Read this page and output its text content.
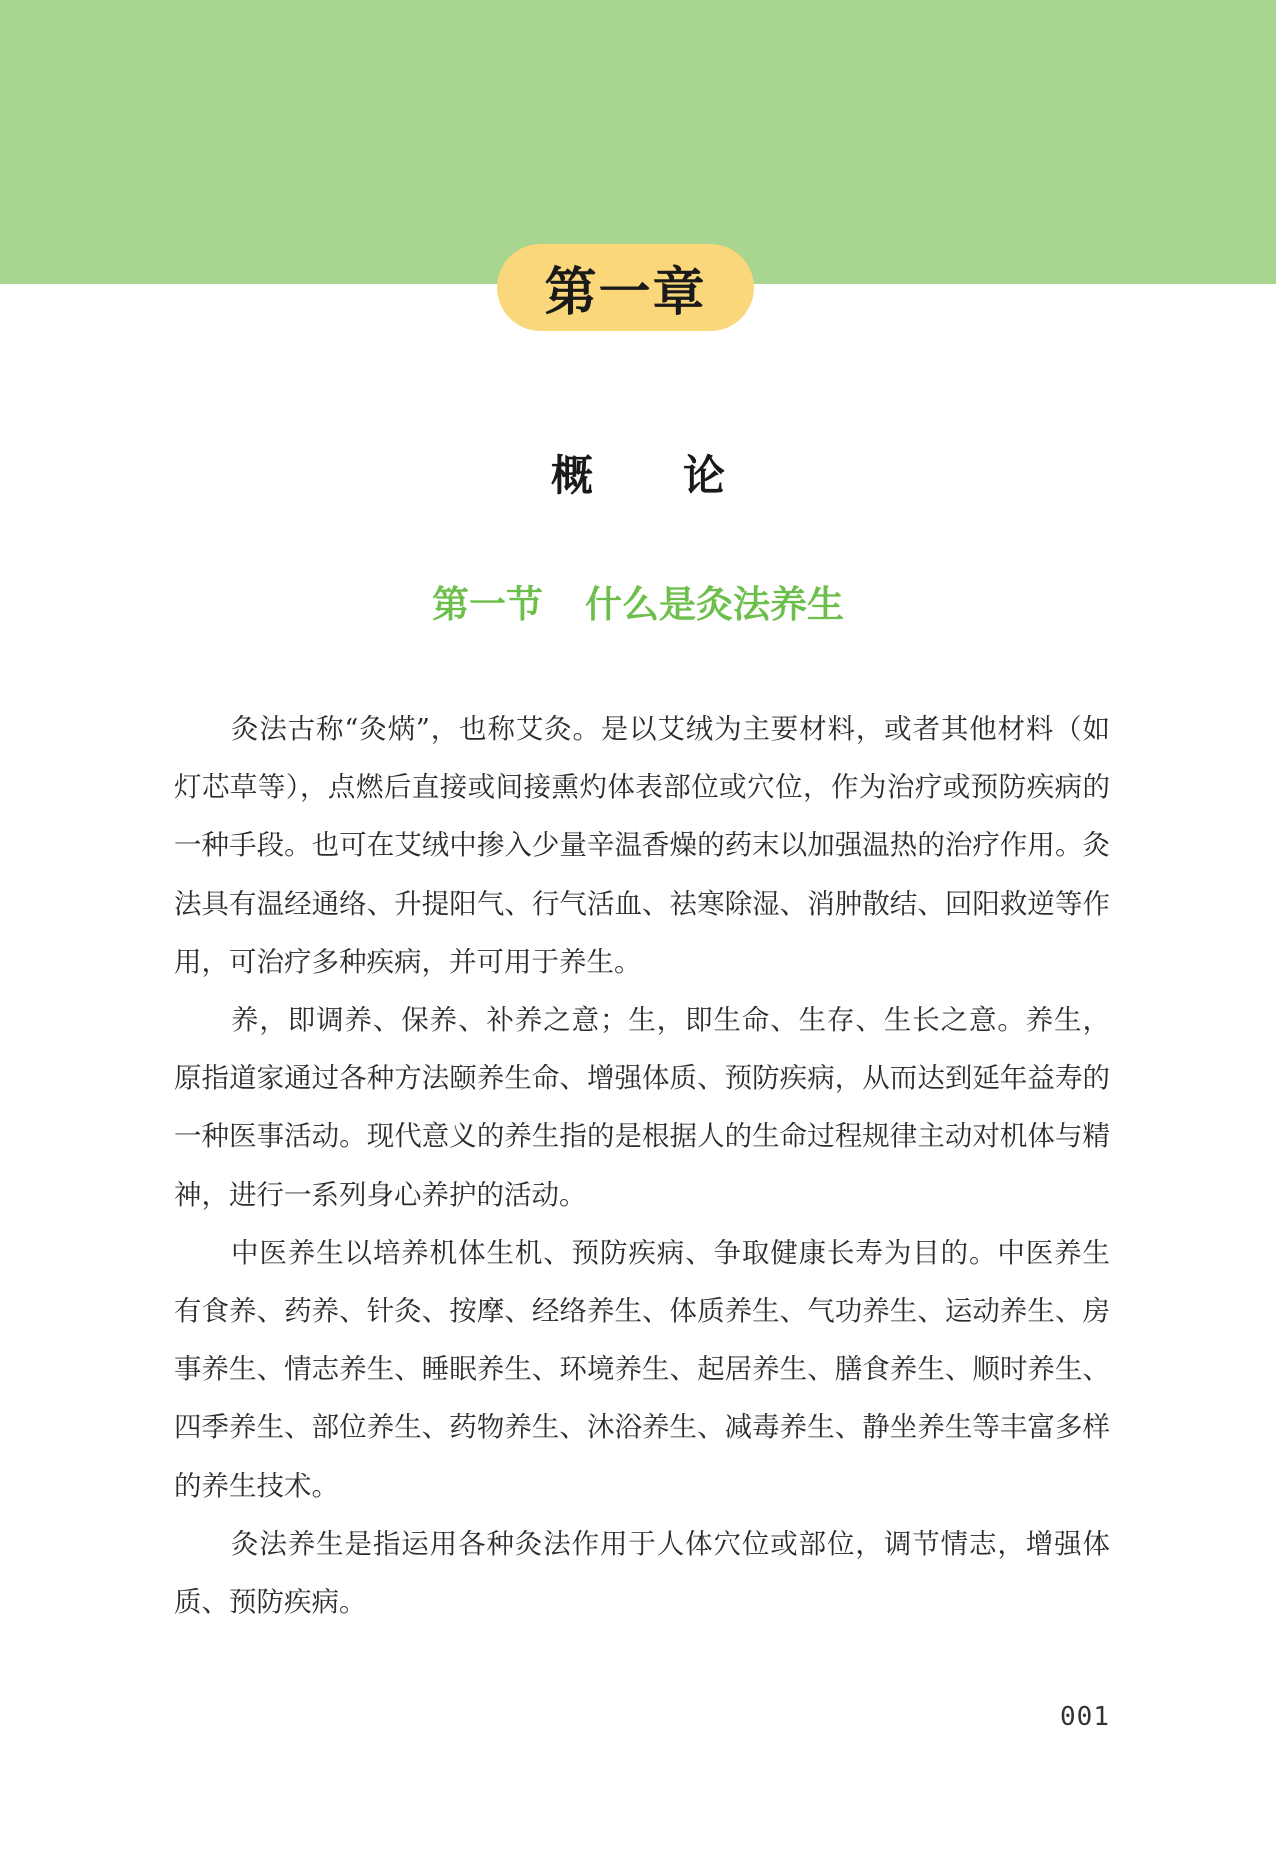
第一章
概 论
第一节 什么是灸法养生

灸法古称“灸焫”，也称艾灸。是以艾绒为主要材料，或者其他材料（如灯芯草等），点燃后直接或间接熏灼体表部位或穴位，作为治疗或预防疾病的一种手段。也可在艾绒中掺入少量辛温香燥的药末以加强温热的治疗作用。灸法具有温经通络、升提阳气、行气活血、祛寒除湿、消肿散结、回阳救逆等作用，可治疗多种疾病，并可用于养生。

养，即调养、保养、补养之意；生，即生命、生存、生长之意。养生，原指道家通过各种方法颐养生命、增强体质、预防疾病，从而达到延年益寿的一种医事活动。现代意义的养生指的是根据人的生命过程规律主动对机体与精神，进行一系列身心养护的活动。

中医养生以培养机体生机、预防疾病、争取健康长寿为目的。中医养生有食养、药养、针灸、按摩、经络养生、体质养生、气功养生、运动养生、房事养生、情志养生、睡眠养生、环境养生、起居养生、膳食养生、顺时养生、四季养生、部位养生、药物养生、沐浴养生、减毒养生、静坐养生等丰富多样的养生技术。

灸法养生是指运用各种灸法作用于人体穴位或部位，调节情志，增强体质、预防疾病。

001
